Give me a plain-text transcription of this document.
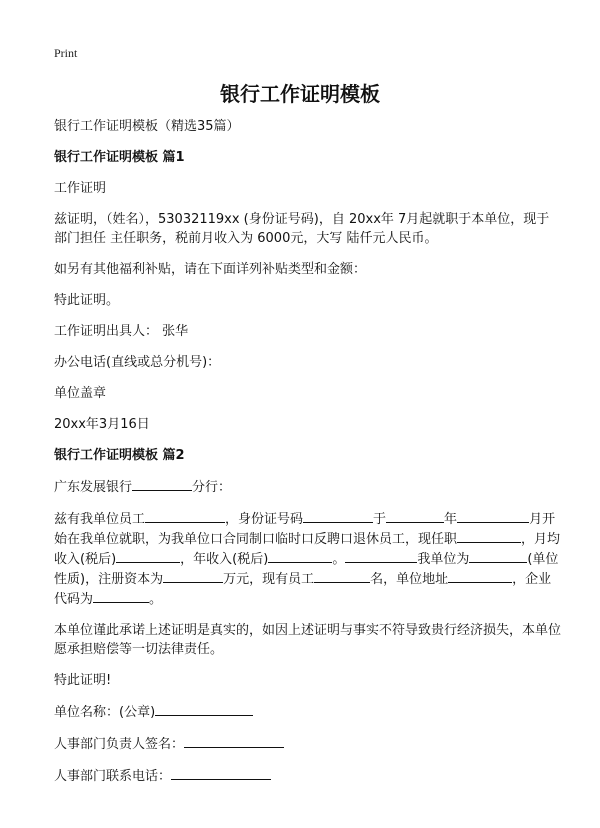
Print
银行工作证明模板

银行工作证明模板（精选35篇）

银行工作证明模板 篇1

工作证明

兹证明，（姓名），53032119xx (身份证号码)，自 20xx年 7月起就职于本单位，现于 部门担任 主任职务，税前月收入为 6000元，大写 陆仟元人民币。

如另有其他福利补贴，请在下面详列补贴类型和金额：

特此证明。

工作证明出具人： 张华

办公电话(直线或总分机号)：

单位盖章

20xx年3月16日

银行工作证明模板 篇2

广东发展银行	分行：

兹有我单位员工	，身份证号码	于	年	月开始在我单位就职，为我单位口合同制口临时口反聘口退休员工，现任职	，月均收入(税后)	，年收入(税后)	。	我单位为	(单位性质)，注册资本为	万元，现有员工	名，单位地址	，企业代码为	。

本单位谨此承诺上述证明是真实的，如因上述证明与事实不符导致贵行经济损失，本单位愿承担赔偿等一切法律责任。

特此证明!

单位名称：(公章)

人事部门负责人签名：

人事部门联系电话：
